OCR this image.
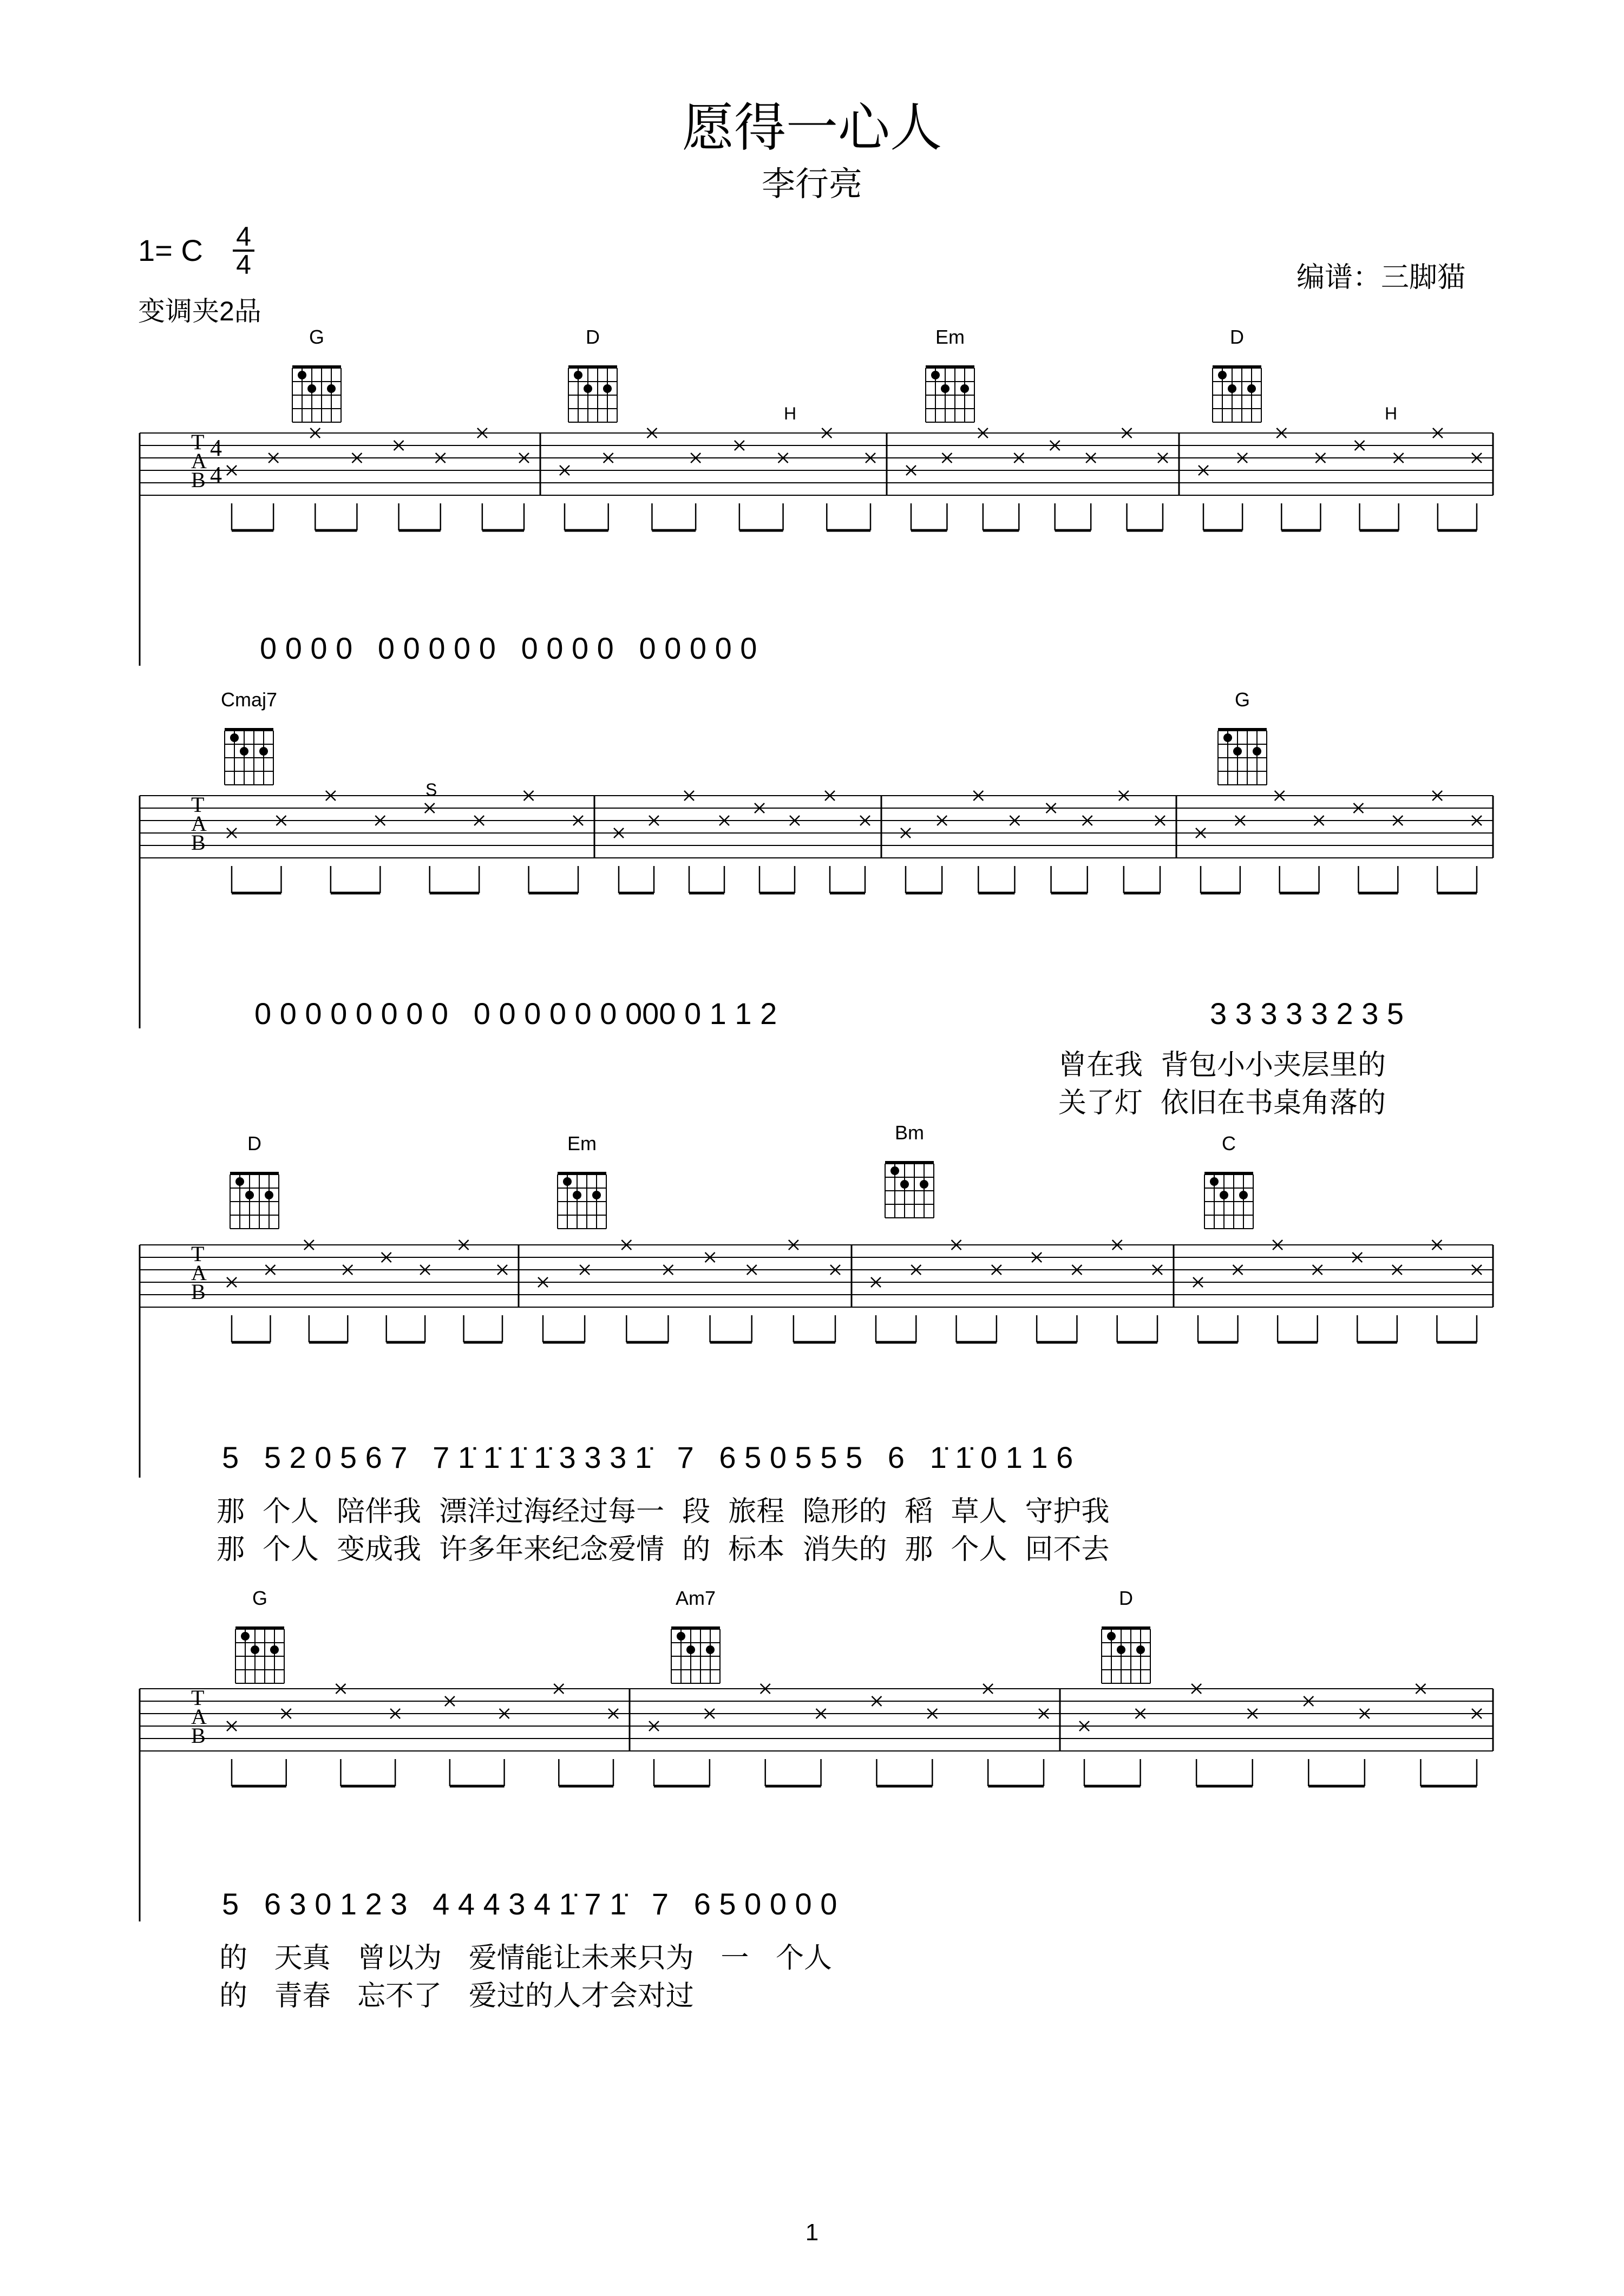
愿得一心人
李行亮
1= C 4
4
变调夹2品
编谱：三脚猫
G	D	Em	D
Cmaj7	G
D	Em	Bm	C
G	Am7	D
T
A
B
4
4
H	H
T
A
B
S
T
A
B
T
A
B
0 0 0 0   0 0 0 0 0   0 0 0 0   0 0 0 0 0
0 0 0 0 0 0 0 0   0 0 0 0 0 0 000 0 1 1 2	3 3 3 3 3 2 3 5
5   5 2 0 5 6 7   7 1̇ 1̇ 1̇ 1̇ 3 3 3 1̇   7   6 5 0 5 5 5   6   1̇ 1̇ 0 1 1 6
5   6 3 0 1 2 3   4 4 4 3 4 1̇ 7 1̇   7   6 5 0 0 0 0
曾在我  背包小小夹层里的
关了灯  依旧在书桌角落的
那  个人  陪伴我  漂洋过海经过每一  段  旅程  隐形的  稻  草人  守护我
那  个人  变成我  许多年来纪念爱情  的  标本  消失的  那  个人  回不去
的   天真   曾以为   爱情能让未来只为   一   个人
的   青春   忘不了   爱过的人才会对过
1
